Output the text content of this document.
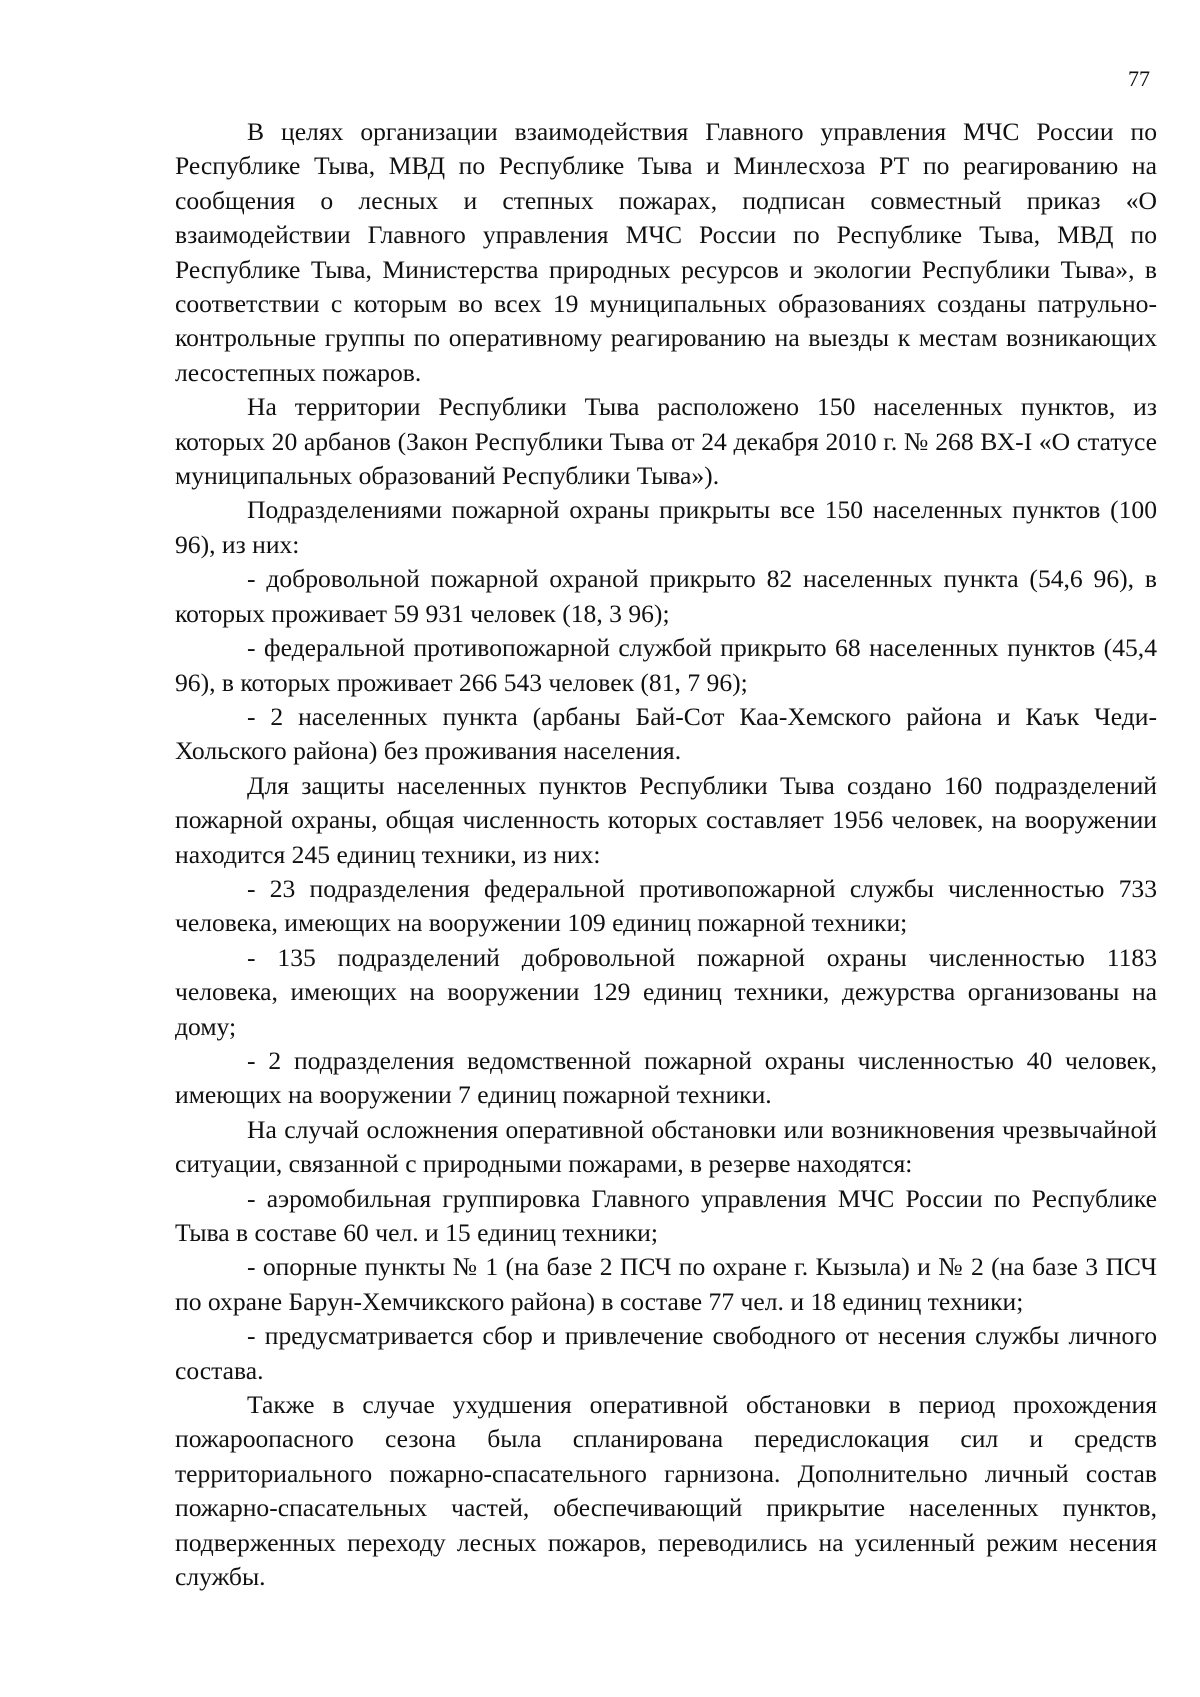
77

В целях организации взаимодействия Главного управления МЧС России по Республике Тыва, МВД по Республике Тыва и Минлесхоза РТ по реагированию на сообщения о лесных и степных пожарах, подписан совместный приказ «О взаимодействии Главного управления МЧС России по Республике Тыва, МВД по Республике Тыва, Министерства природных ресурсов и экологии Республики Тыва», в соответствии с которым во всех 19 муниципальных образованиях созданы патрульно-контрольные группы по оперативному реагированию на выезды к местам возникающих лесостепных пожаров.

На территории Республики Тыва расположено 150 населенных пунктов, из которых 20 арбанов (Закон Республики Тыва от 24 декабря 2010 г. № 268 ВХ-I «О статусе муниципальных образований Республики Тыва»).

Подразделениями пожарной охраны прикрыты все 150 населенных пунктов (100 96), из них:

- добровольной пожарной охраной прикрыто 82 населенных пункта (54,6 96), в которых проживает 59 931 человек (18, 3 96);

- федеральной противопожарной службой прикрыто 68 населенных пунктов (45,4 96), в которых проживает 266 543 человек (81, 7 96);

- 2 населенных пункта (арбаны Бай-Сот Каа-Хемского района и Каък Чеди-Хольского района) без проживания населения.

Для защиты населенных пунктов Республики Тыва создано 160 подразделений пожарной охраны, общая численность которых составляет 1956 человек, на вооружении находится 245 единиц техники, из них:

- 23 подразделения федеральной противопожарной службы численностью 733 человека, имеющих на вооружении 109 единиц пожарной техники;

- 135 подразделений добровольной пожарной охраны численностью 1183 человека, имеющих на вооружении 129 единиц техники, дежурства организованы на дому;

- 2 подразделения ведомственной пожарной охраны численностью 40 человек, имеющих на вооружении 7 единиц пожарной техники.

На случай осложнения оперативной обстановки или возникновения чрезвычайной ситуации, связанной с природными пожарами, в резерве находятся:

- аэромобильная группировка Главного управления МЧС России по Республике Тыва в составе 60 чел. и 15 единиц техники;

- опорные пункты № 1 (на базе 2 ПСЧ по охране г. Кызыла) и № 2 (на базе 3 ПСЧ по охране Барун-Хемчикского района) в составе 77 чел. и 18 единиц техники;

- предусматривается сбор и привлечение свободного от несения службы личного состава.

Также в случае ухудшения оперативной обстановки в период прохождения пожароопасного сезона была спланирована передислокация сил и средств территориального пожарно-спасательного гарнизона. Дополнительно личный состав пожарно-спасательных частей, обеспечивающий прикрытие населенных пунктов, подверженных переходу лесных пожаров, переводились на усиленный режим несения службы.
